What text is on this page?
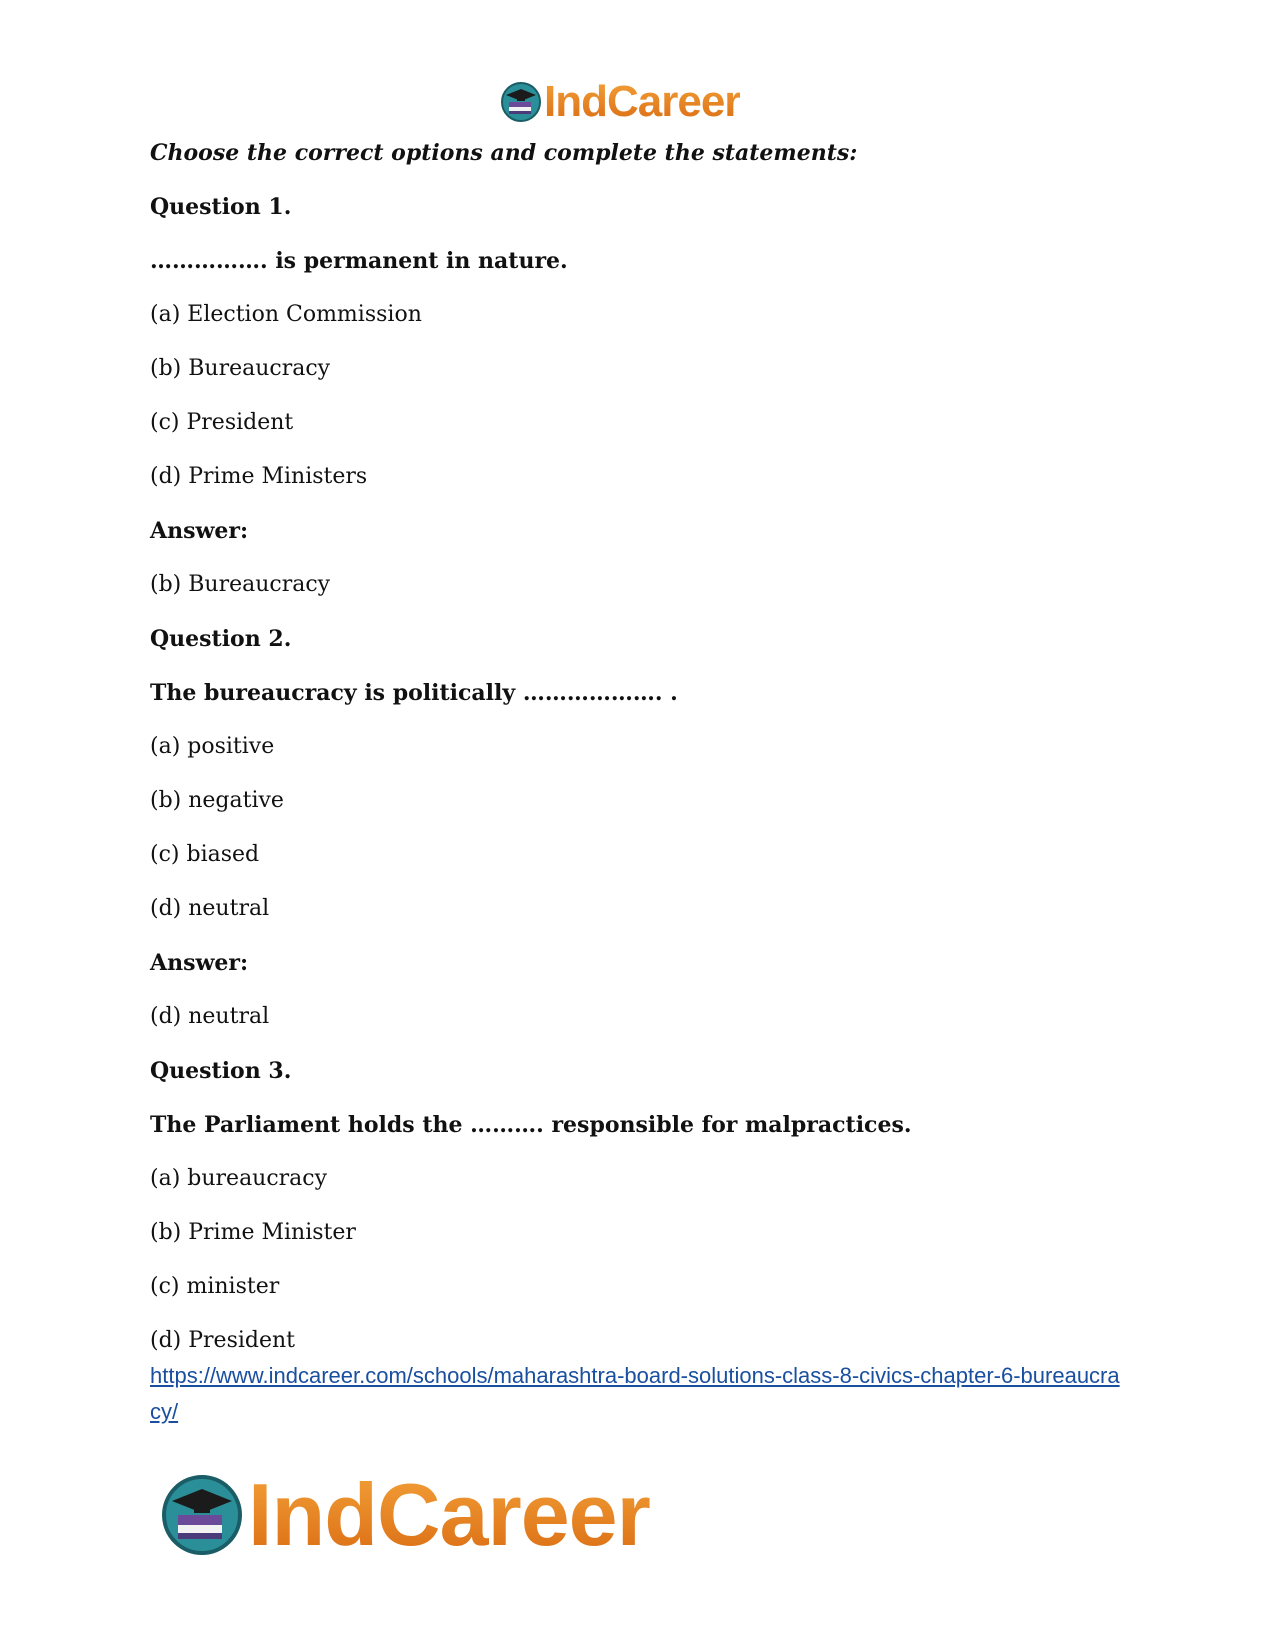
IndCareer
Choose the correct options and complete the statements:
Question 1.
……………. is permanent in nature.
(a) Election Commission
(b) Bureaucracy
(c) President
(d) Prime Ministers
Answer:
(b) Bureaucracy
Question 2.
The bureaucracy is politically ………………. .
(a) positive
(b) negative
(c) biased
(d) neutral
Answer:
(d) neutral
Question 3.
The Parliament holds the ………. responsible for malpractices.
(a) bureaucracy
(b) Prime Minister
(c) minister
(d) President
https://www.indcareer.com/schools/maharashtra-board-solutions-class-8-civics-chapter-6-bureaucracy/
IndCareer
